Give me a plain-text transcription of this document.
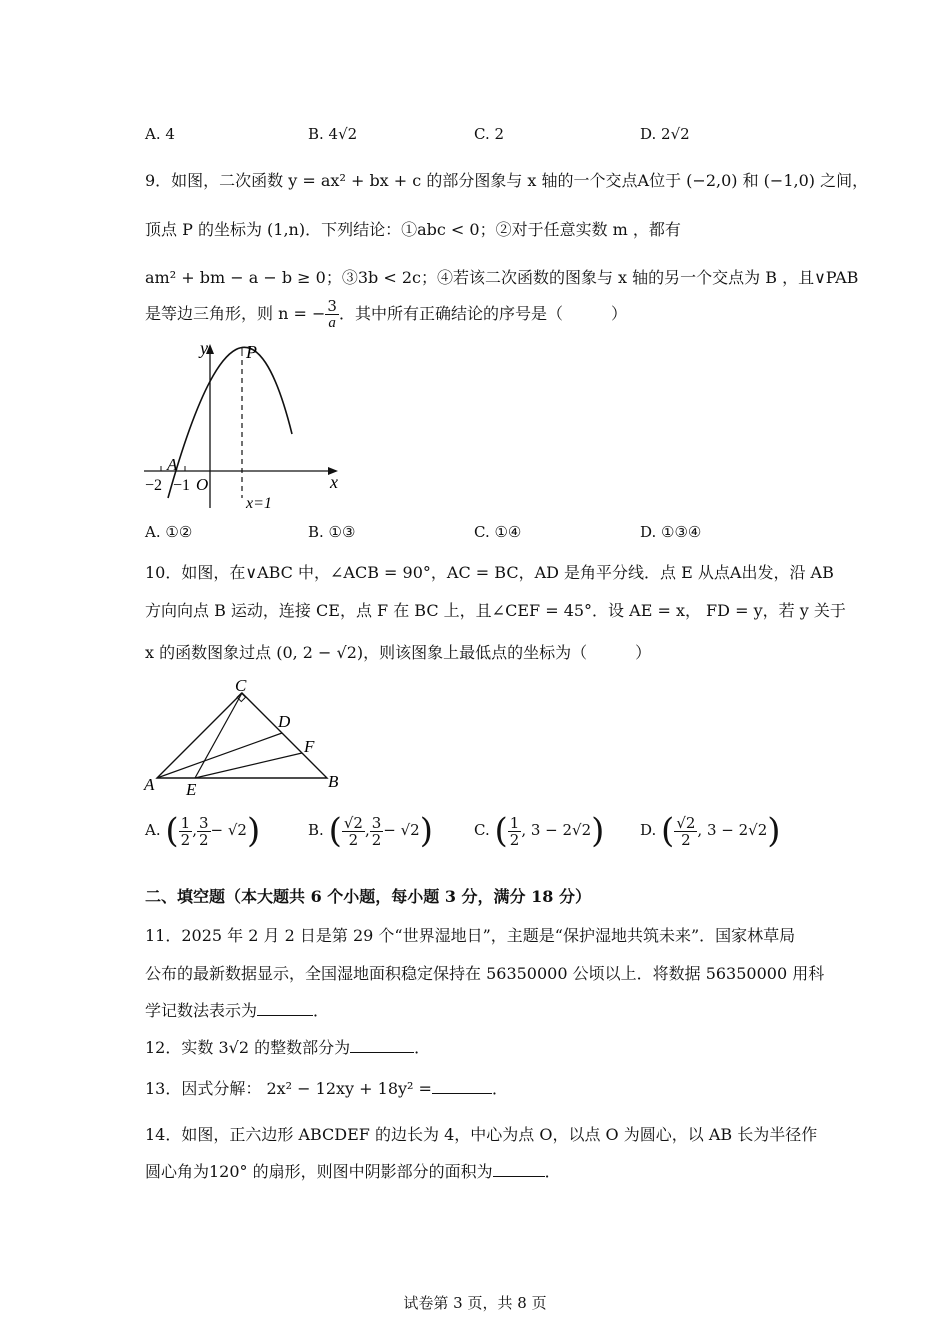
A. 4	B. 4√2	C. 2	D. 2√2
9．如图，二次函数 y = ax² + bx + c 的部分图象与 x 轴的一个交点A位于 (−2,0) 和 (−1,0) 之间，
顶点 P 的坐标为 (1,n)．下列结论：①abc < 0；②对于任意实数 m ，都有
am² + bm − a − b ≥ 0；③3b < 2c；④若该二次函数的图象与 x 轴的另一个交点为 B ，且∨PAB
是等边三角形，则 n = − $\frac{3}{a}$ ．其中所有正确结论的序号是（　　　）
y P
A
x
O
−2 −1
x=1
A. ①②	B. ①③	C. ①④	D. ①③④
10．如图，在∨ABC 中，∠ACB = 90°，AC = BC，AD 是角平分线．点 E 从点A出发，沿 AB
方向向点 B 运动，连接 CE，点 F 在 BC 上，且∠CEF = 45°．设 AE = x， FD = y，若 y 关于
x 的函数图象过点 (0, 2 − √2)，则该图象上最低点的坐标为（　　　）
C
D
F
A E	B
A. ( $\frac{1}{2}$ , $\frac{3}{2} - √2$)	B. ( $\frac{√2}{2}$ , $\frac{3}{2} - √2$)	C. ( $\frac{1}{2}$ , 3 − 2√2) D. ( $\frac{√2}{2}$ , 3 − 2√2)
二、填空题（本大题共 6 个小题，每小题 3 分，满分 18 分）
11．2025 年 2 月 2 日是第 29 个“世界湿地日”，主题是“保护湿地共筑未来”．国家林草局
公布的最新数据显示，全国湿地面积稳定保持在 56350000 公顷以上．将数据 56350000 用科
学记数法表示为	．
12．实数 3√2 的整数部分为	．
13．因式分解： 2x² − 12xy + 18y² =	．
14．如图，正六边形 ABCDEF 的边长为 4，中心为点 O，以点 O 为圆心，以 AB 长为半径作
圆心角为120° 的扇形，则图中阴影部分的面积为	．
试卷第 3 页，共 8 页
